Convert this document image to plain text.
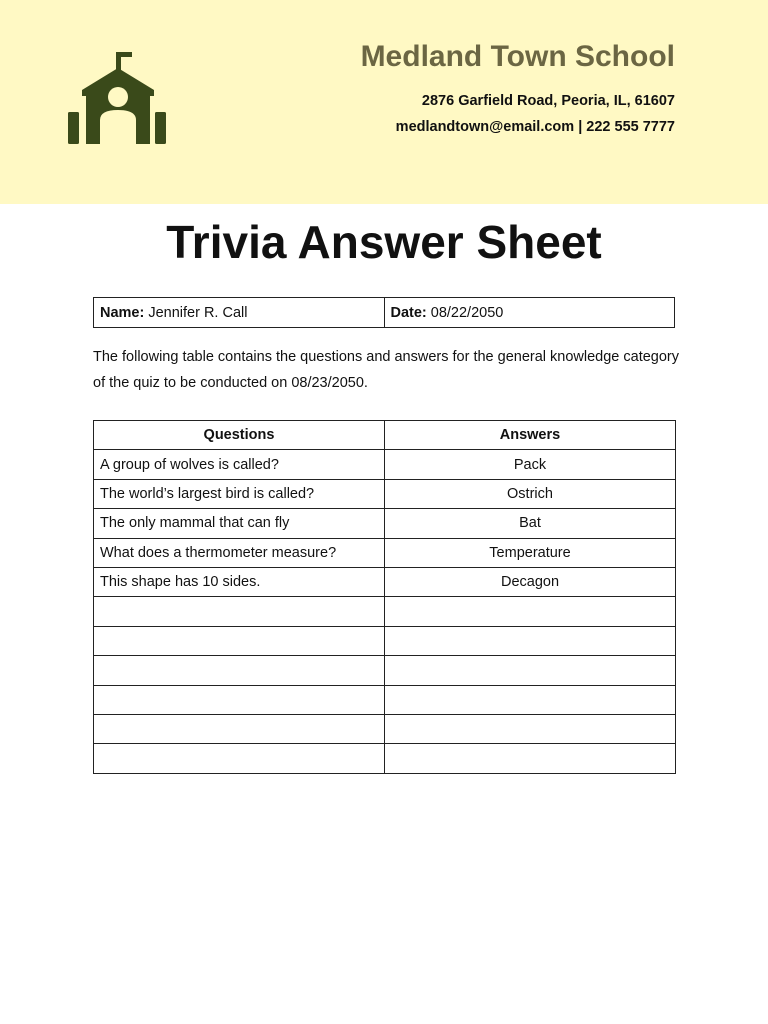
Medland Town School
2876 Garfield Road, Peoria, IL, 61607
medlandtown@email.com | 222 555 7777
Trivia Answer Sheet
Name: Jennifer R. Call	Date: 08/22/2050
The following table contains the questions and answers for the general knowledge category of the quiz to be conducted on 08/23/2050.
Questions	Answers
A group of wolves is called?	Pack
The world’s largest bird is called?	Ostrich
The only mammal that can fly	Bat
What does a thermometer measure?	Temperature
This shape has 10 sides.	Decagon
